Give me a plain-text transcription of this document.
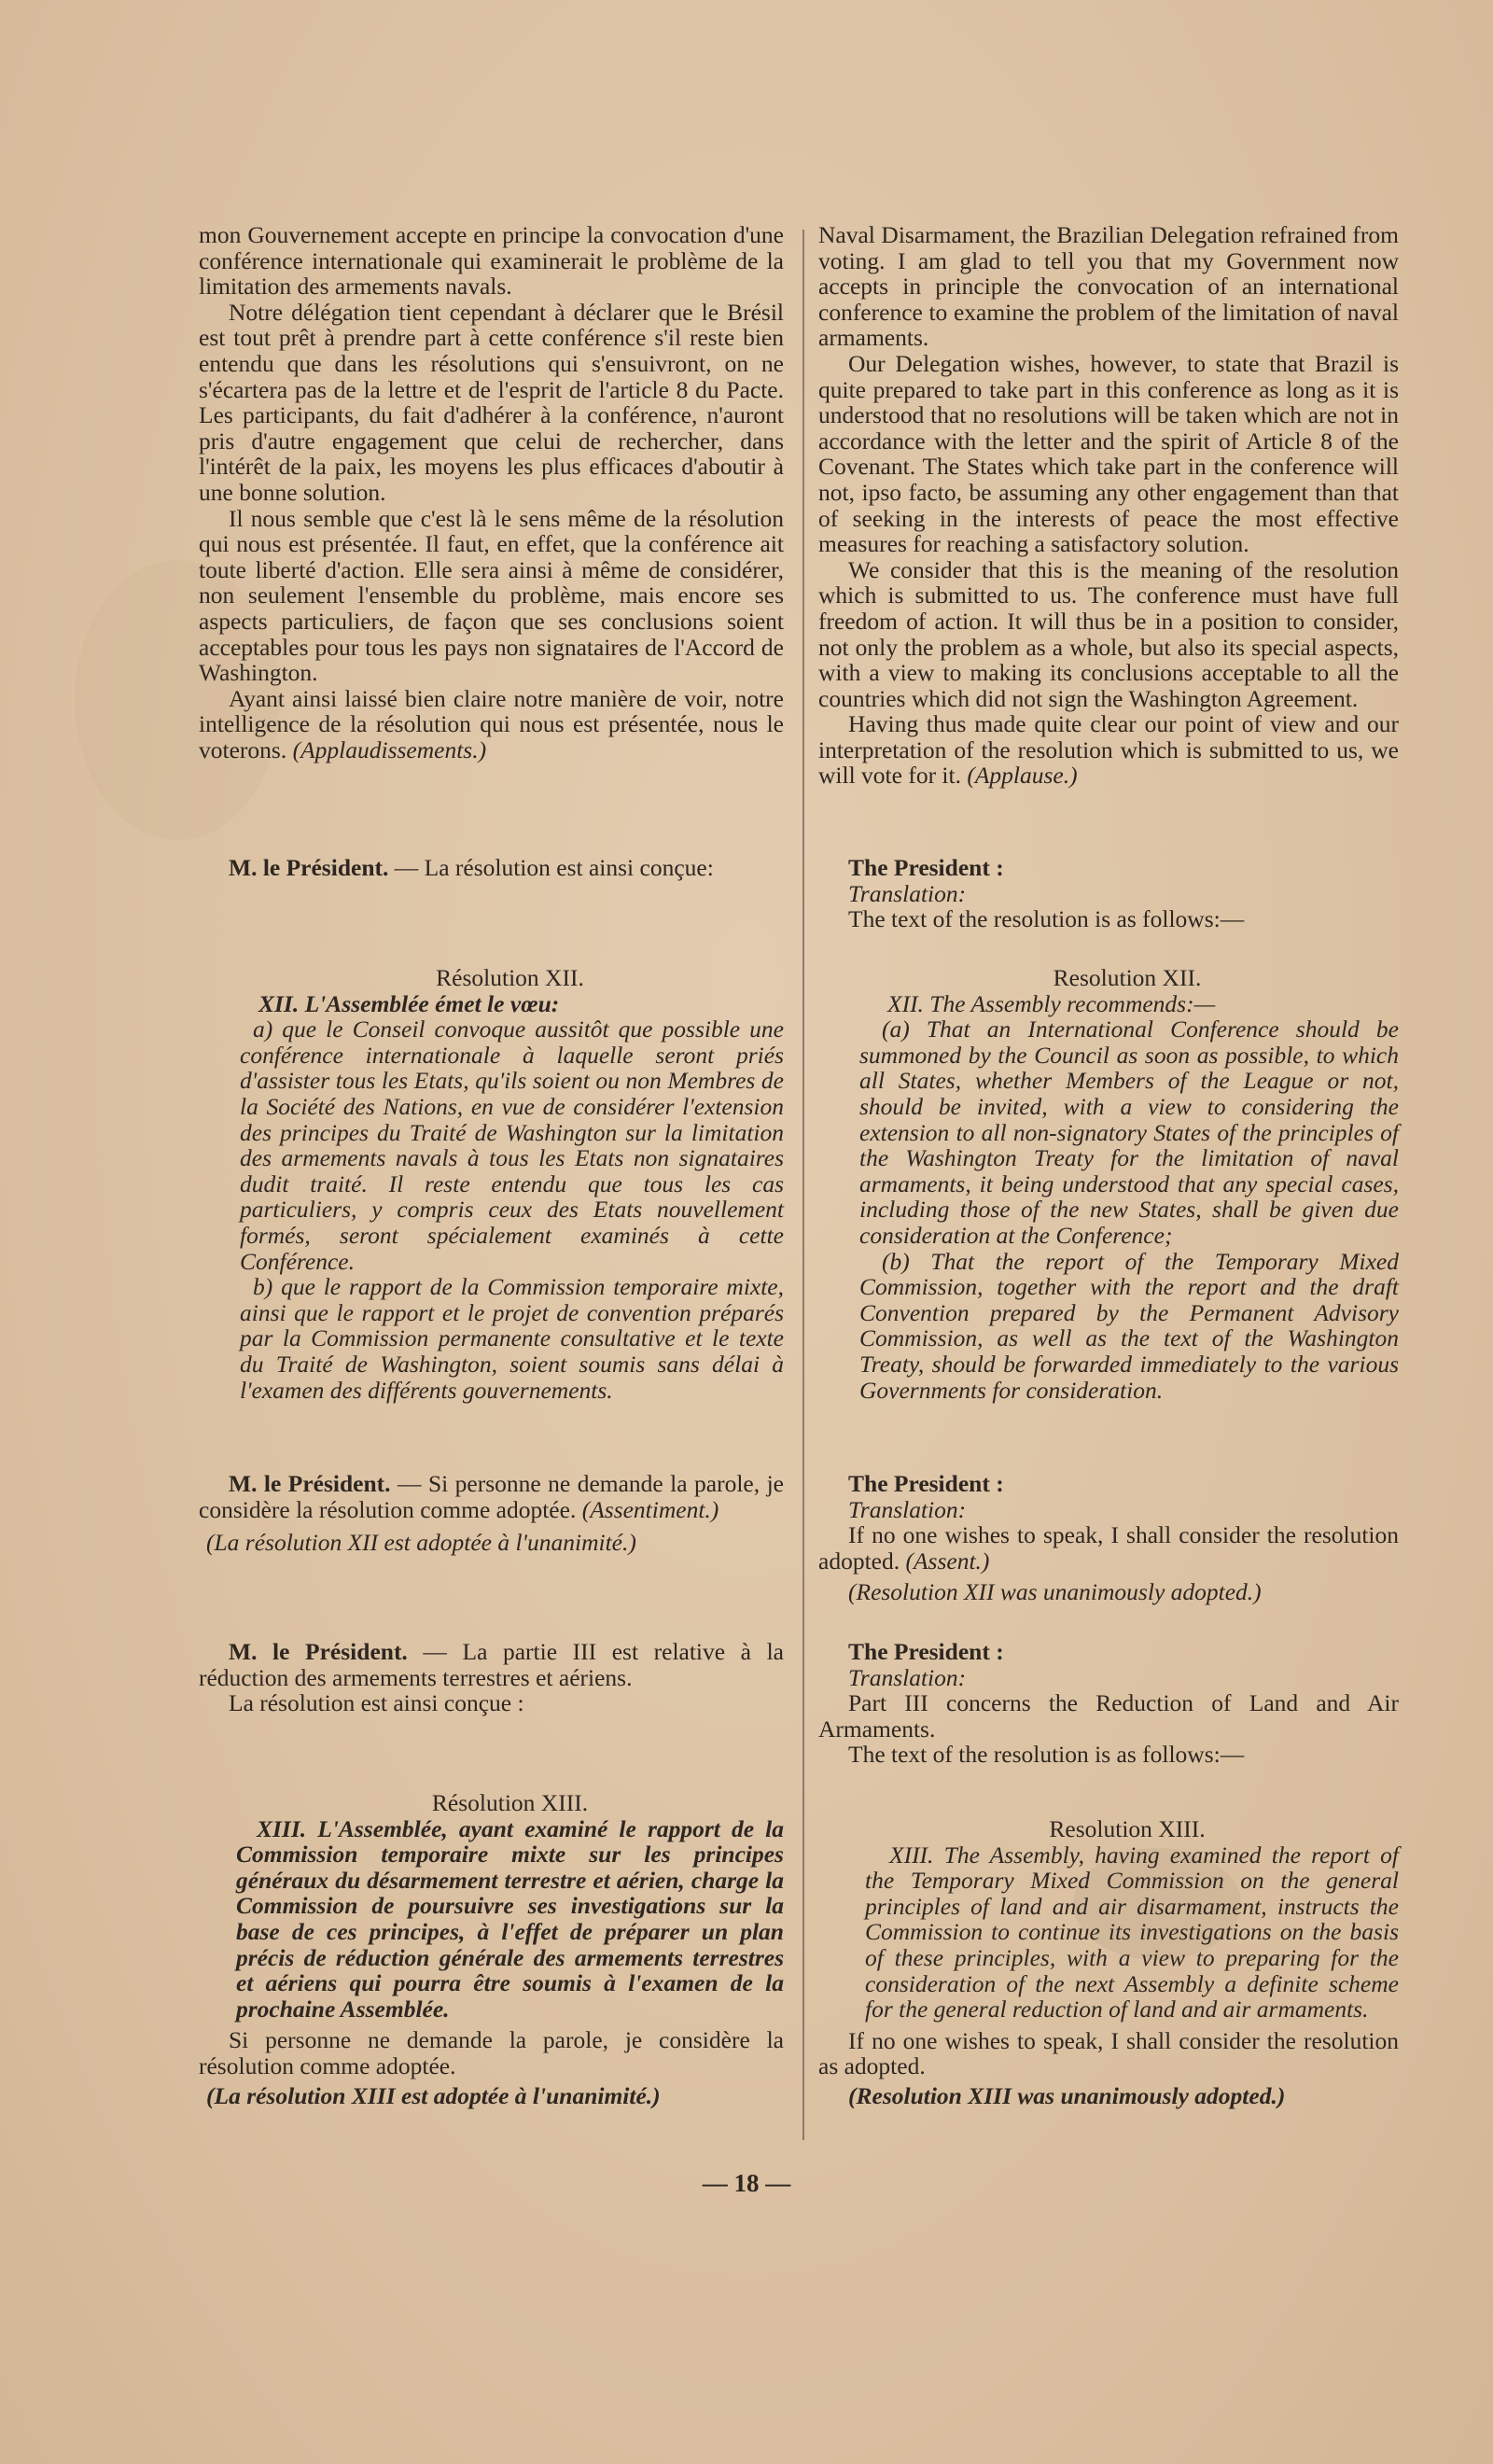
mon Gouvernement accepte en principe la convocation d'une conférence internationale qui examinerait le problème de la limitation des armements navals.

Notre délégation tient cependant à déclarer que le Brésil est tout prêt à prendre part à cette conférence s'il reste bien entendu que dans les résolutions qui s'ensuivront, on ne s'écartera pas de la lettre et de l'esprit de l'article 8 du Pacte. Les participants, du fait d'adhérer à la conférence, n'auront pris d'autre engagement que celui de rechercher, dans l'intérêt de la paix, les moyens les plus efficaces d'aboutir à une bonne solution.

Il nous semble que c'est là le sens même de la résolution qui nous est présentée. Il faut, en effet, que la conférence ait toute liberté d'action. Elle sera ainsi à même de considérer, non seulement l'ensemble du problème, mais encore ses aspects particuliers, de façon que ses conclusions soient acceptables pour tous les pays non signataires de l'Accord de Washington.

Ayant ainsi laissé bien claire notre manière de voir, notre intelligence de la résolution qui nous est présentée, nous le voterons. (Applaudissements.)

M. le Président. — La résolution est ainsi conçue:

Résolution XII.

XII. L'Assemblée émet le vœu:

a) que le Conseil convoque aussitôt que possible une conférence internationale à laquelle seront priés d'assister tous les Etats, qu'ils soient ou non Membres de la Société des Nations, en vue de considérer l'extension des principes du Traité de Washington sur la limitation des armements navals à tous les Etats non signataires dudit traité. Il reste entendu que tous les cas particuliers, y compris ceux des Etats nouvellement formés, seront spécialement examinés à cette Conférence.

b) que le rapport de la Commission temporaire mixte, ainsi que le rapport et le projet de convention préparés par la Commission permanente consultative et le texte du Traité de Washington, soient soumis sans délai à l'examen des différents gouvernements.

M. le Président. — Si personne ne demande la parole, je considère la résolution comme adoptée. (Assentiment.)

(La résolution XII est adoptée à l'unanimité.)

M. le Président. — La partie III est relative à la réduction des armements terrestres et aériens.

La résolution est ainsi conçue :

Résolution XIII.

XIII. L'Assemblée, ayant examiné le rapport de la Commission temporaire mixte sur les principes généraux du désarmement terrestre et aérien, charge la Commission de poursuivre ses investigations sur la base de ces principes, à l'effet de préparer un plan précis de réduction générale des armements terrestres et aériens qui pourra être soumis à l'examen de la prochaine Assemblée.

Si personne ne demande la parole, je considère la résolution comme adoptée.

(La résolution XIII est adoptée à l'unanimité.)

Naval Disarmament, the Brazilian Delegation refrained from voting. I am glad to tell you that my Government now accepts in principle the convocation of an international conference to examine the problem of the limitation of naval armaments.

Our Delegation wishes, however, to state that Brazil is quite prepared to take part in this conference as long as it is understood that no resolutions will be taken which are not in accordance with the letter and the spirit of Article 8 of the Covenant. The States which take part in the conference will not, ipso facto, be assuming any other engagement than that of seeking in the interests of peace the most effective measures for reaching a satisfactory solution.

We consider that this is the meaning of the resolution which is submitted to us. The conference must have full freedom of action. It will thus be in a position to consider, not only the problem as a whole, but also its special aspects, with a view to making its conclusions acceptable to all the countries which did not sign the Washington Agreement.

Having thus made quite clear our point of view and our interpretation of the resolution which is submitted to us, we will vote for it. (Applause.)

The President :

Translation:

The text of the resolution is as follows:—

Resolution XII.

XII. The Assembly recommends:—

(a) That an International Conference should be summoned by the Council as soon as possible, to which all States, whether Members of the League or not, should be invited, with a view to considering the extension to all non-signatory States of the principles of the Washington Treaty for the limitation of naval armaments, it being understood that any special cases, including those of the new States, shall be given due consideration at the Conference;

(b) That the report of the Temporary Mixed Commission, together with the report and the draft Convention prepared by the Permanent Advisory Commission, as well as the text of the Washington Treaty, should be forwarded immediately to the various Governments for consideration.

The President :

Translation:

If no one wishes to speak, I shall consider the resolution adopted. (Assent.)

(Resolution XII was unanimously adopted.)

The President :

Translation:

Part III concerns the Reduction of Land and Air Armaments.

The text of the resolution is as follows:—

Resolution XIII.

XIII. The Assembly, having examined the report of the Temporary Mixed Commission on the general principles of land and air disarmament, instructs the Commission to continue its investigations on the basis of these principles, with a view to preparing for the consideration of the next Assembly a definite scheme for the general reduction of land and air armaments.

If no one wishes to speak, I shall consider the resolution as adopted.

(Resolution XIII was unanimously adopted.)

— 18 —
